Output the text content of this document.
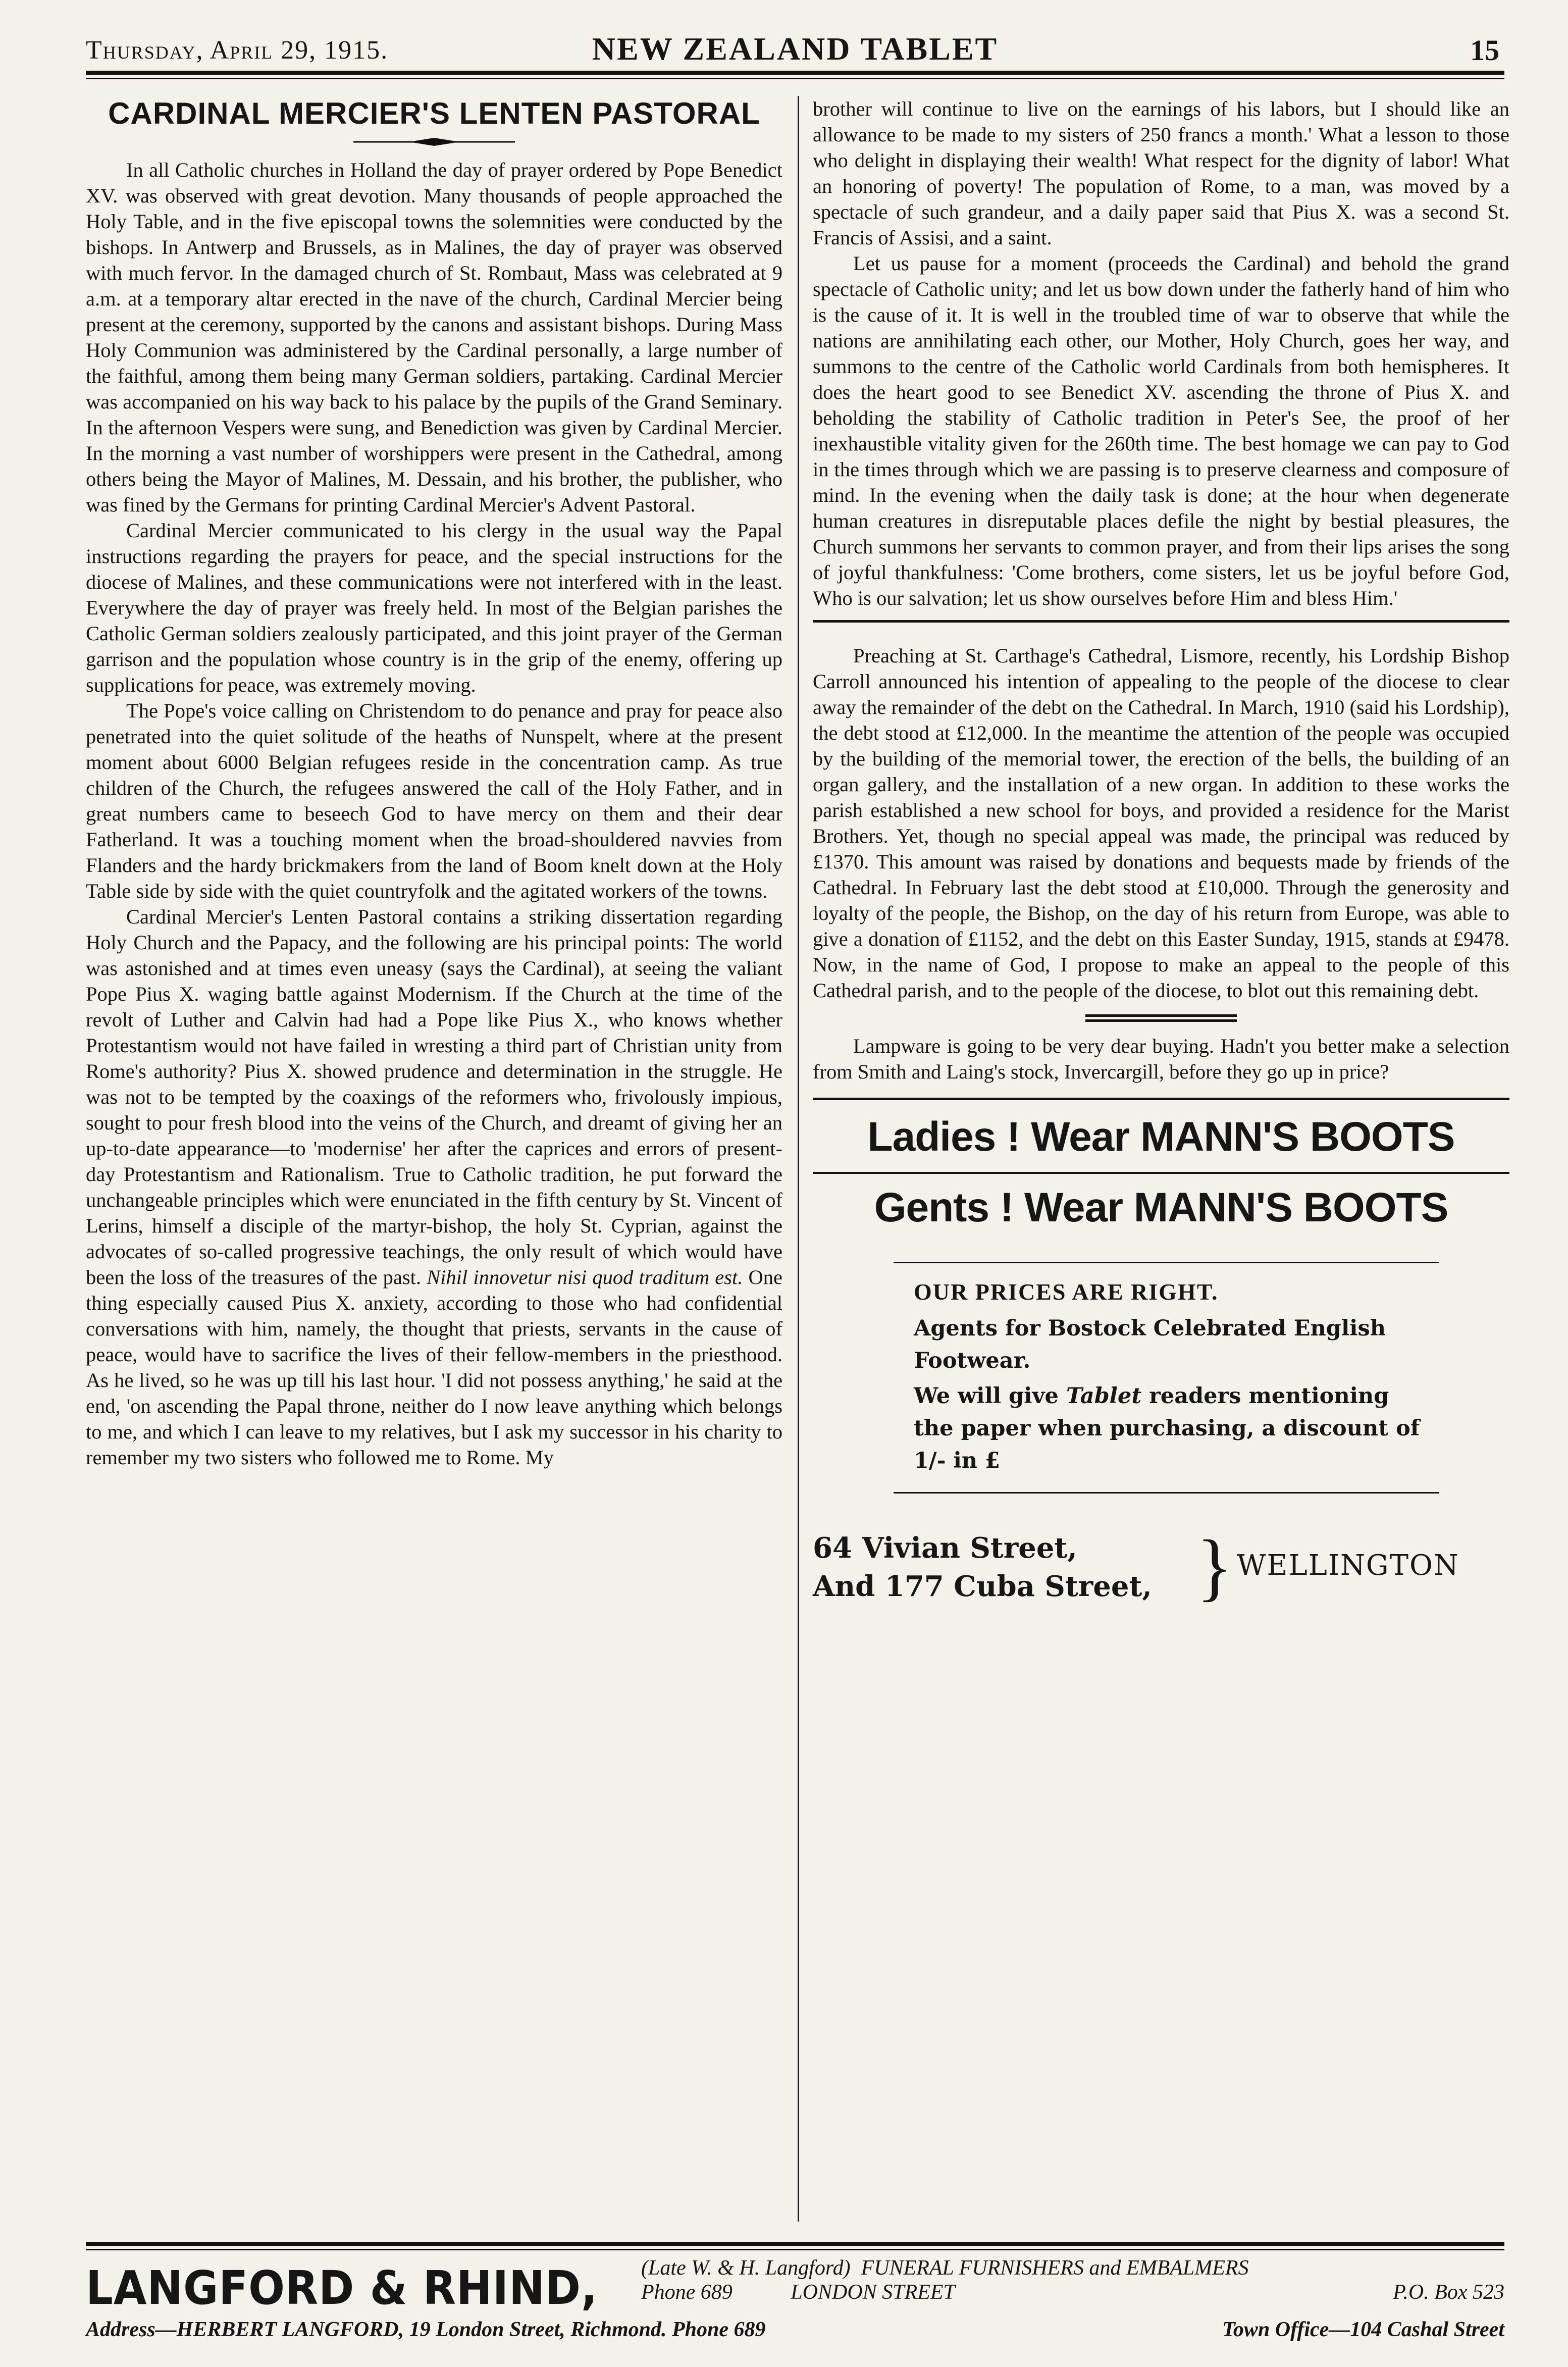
Thursday, April 29, 1915.	NEW ZEALAND TABLET	15
CARDINAL MERCIER'S LENTEN PASTORAL

In all Catholic churches in Holland the day of prayer ordered by Pope Benedict XV. was observed with great devotion. Many thousands of people approached the Holy Table, and in the five episcopal towns the solemnities were conducted by the bishops. In Antwerp and Brussels, as in Malines, the day of prayer was observed with much fervor. In the damaged church of St. Rombaut, Mass was celebrated at 9 a.m. at a temporary altar erected in the nave of the church, Cardinal Mercier being present at the ceremony, supported by the canons and assistant bishops. During Mass Holy Communion was administered by the Cardinal personally, a large number of the faithful, among them being many German soldiers, partaking. Cardinal Mercier was accompanied on his way back to his palace by the pupils of the Grand Seminary. In the afternoon Vespers were sung, and Benediction was given by Cardinal Mercier. In the morning a vast number of worshippers were present in the Cathedral, among others being the Mayor of Malines, M. Dessain, and his brother, the publisher, who was fined by the Germans for printing Cardinal Mercier's Advent Pastoral.

Cardinal Mercier communicated to his clergy in the usual way the Papal instructions regarding the prayers for peace, and the special instructions for the diocese of Malines, and these communications were not interfered with in the least. Everywhere the day of prayer was freely held. In most of the Belgian parishes the Catholic German soldiers zealously participated, and this joint prayer of the German garrison and the population whose country is in the grip of the enemy, offering up supplications for peace, was extremely moving.

The Pope's voice calling on Christendom to do penance and pray for peace also penetrated into the quiet solitude of the heaths of Nunspelt, where at the present moment about 6000 Belgian refugees reside in the concentration camp. As true children of the Church, the refugees answered the call of the Holy Father, and in great numbers came to beseech God to have mercy on them and their dear Fatherland. It was a touching moment when the broad-shouldered navvies from Flanders and the hardy brickmakers from the land of Boom knelt down at the Holy Table side by side with the quiet countryfolk and the agitated workers of the towns.

Cardinal Mercier's Lenten Pastoral contains a striking dissertation regarding Holy Church and the Papacy, and the following are his principal points: The world was astonished and at times even uneasy (says the Cardinal), at seeing the valiant Pope Pius X. waging battle against Modernism. If the Church at the time of the revolt of Luther and Calvin had had a Pope like Pius X., who knows whether Protestantism would not have failed in wresting a third part of Christian unity from Rome's authority? Pius X. showed prudence and determination in the struggle. He was not to be tempted by the coaxings of the reformers who, frivolously impious, sought to pour fresh blood into the veins of the Church, and dreamt of giving her an up-to-date appearance—to 'modernise' her after the caprices and errors of present-day Protestantism and Rationalism. True to Catholic tradition, he put forward the unchangeable principles which were enunciated in the fifth century by St. Vincent of Lerins, himself a disciple of the martyr-bishop, the holy St. Cyprian, against the advocates of so-called progressive teachings, the only result of which would have been the loss of the treasures of the past. Nihil innovetur nisi quod traditum est. One thing especially caused Pius X. anxiety, according to those who had confidential conversations with him, namely, the thought that priests, servants in the cause of peace, would have to sacrifice the lives of their fellow-members in the priesthood. As he lived, so he was up till his last hour. 'I did not possess anything,' he said at the end, 'on ascending the Papal throne, neither do I now leave anything which belongs to me, and which I can leave to my relatives, but I ask my successor in his charity to remember my two sisters who followed me to Rome. My

brother will continue to live on the earnings of his labors, but I should like an allowance to be made to my sisters of 250 francs a month.' What a lesson to those who delight in displaying their wealth! What respect for the dignity of labor! What an honoring of poverty! The population of Rome, to a man, was moved by a spectacle of such grandeur, and a daily paper said that Pius X. was a second St. Francis of Assisi, and a saint.

Let us pause for a moment (proceeds the Cardinal) and behold the grand spectacle of Catholic unity; and let us bow down under the fatherly hand of him who is the cause of it. It is well in the troubled time of war to observe that while the nations are annihilating each other, our Mother, Holy Church, goes her way, and summons to the centre of the Catholic world Cardinals from both hemispheres. It does the heart good to see Benedict XV. ascending the throne of Pius X. and beholding the stability of Catholic tradition in Peter's See, the proof of her inexhaustible vitality given for the 260th time. The best homage we can pay to God in the times through which we are passing is to preserve clearness and composure of mind. In the evening when the daily task is done; at the hour when degenerate human creatures in disreputable places defile the night by bestial pleasures, the Church summons her servants to common prayer, and from their lips arises the song of joyful thankfulness: 'Come brothers, come sisters, let us be joyful before God, Who is our salvation; let us show ourselves before Him and bless Him.'

Preaching at St. Carthage's Cathedral, Lismore, recently, his Lordship Bishop Carroll announced his intention of appealing to the people of the diocese to clear away the remainder of the debt on the Cathedral. In March, 1910 (said his Lordship), the debt stood at £12,000. In the meantime the attention of the people was occupied by the building of the memorial tower, the erection of the bells, the building of an organ gallery, and the installation of a new organ. In addition to these works the parish established a new school for boys, and provided a residence for the Marist Brothers. Yet, though no special appeal was made, the principal was reduced by £1370. This amount was raised by donations and bequests made by friends of the Cathedral. In February last the debt stood at £10,000. Through the generosity and loyalty of the people, the Bishop, on the day of his return from Europe, was able to give a donation of £1152, and the debt on this Easter Sunday, 1915, stands at £9478. Now, in the name of God, I propose to make an appeal to the people of this Cathedral parish, and to the people of the diocese, to blot out this remaining debt.

Lampware is going to be very dear buying. Hadn't you better make a selection from Smith and Laing's stock, Invercargill, before they go up in price?

Ladies ! Wear MANN'S BOOTS
Gents ! Wear MANN'S BOOTS
OUR PRICES ARE RIGHT.
Agents for Bostock Celebrated English Footwear.
We will give Tablet readers mentioning the paper when purchasing, a discount of 1/- in £
64 Vivian Street,
And 177 Cuba Street, } WELLINGTON
LANGFORD & RHIND, (Late W. & H. Langford) FUNERAL FURNISHERS and EMBALMERS
Phone 689	LONDON STREET	P.O. Box 523
Address—HERBERT LANGFORD, 19 London Street, Richmond. Phone 689	Town Office—104 Cashal Street
